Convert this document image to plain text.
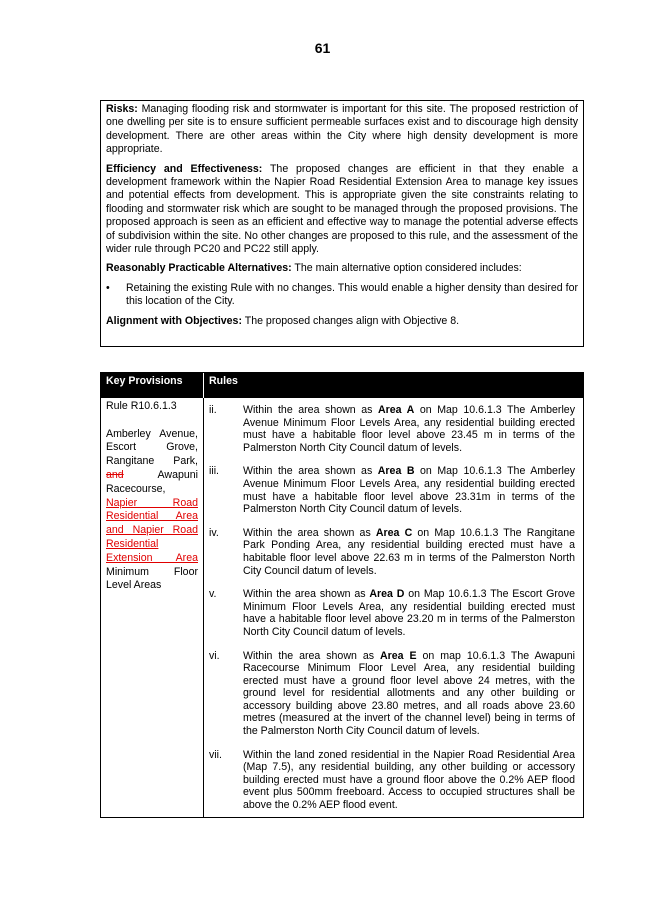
61

Risks: Managing flooding risk and stormwater is important for this site. The proposed restriction of one dwelling per site is to ensure sufficient permeable surfaces exist and to discourage high density development. There are other areas within the City where high density development is more appropriate.

Efficiency and Effectiveness: The proposed changes are efficient in that they enable a development framework within the Napier Road Residential Extension Area to manage key issues and potential effects from development. This is appropriate given the site constraints relating to flooding and stormwater risk which are sought to be managed through the proposed provisions. The proposed approach is seen as an efficient and effective way to manage the potential adverse effects of subdivision within the site. No other changes are proposed to this rule, and the assessment of the wider rule through PC20 and PC22 still apply.

Reasonably Practicable Alternatives: The main alternative option considered includes:

•	Retaining the existing Rule with no changes. This would enable a higher density than desired for this location of the City.

Alignment with Objectives: The proposed changes align with Objective 8.

Key Provisions	Rules
Rule R10.6.1.3
Amberley Avenue,
Escort Grove,
Rangitane Park,
and Awapuni
Racecourse,
Napier Road Residential Area and Napier Road Residential Extension Area Minimum Floor Level Areas
ii.	Within the area shown as Area A on Map 10.6.1.3 The Amberley Avenue Minimum Floor Levels Area, any residential building erected must have a habitable floor level above 23.45 m in terms of the Palmerston North City Council datum of levels.
iii.	Within the area shown as Area B on Map 10.6.1.3 The Amberley Avenue Minimum Floor Levels Area, any residential building erected must have a habitable floor level above 23.31m in terms of the Palmerston North City Council datum of levels.
iv.	Within the area shown as Area C on Map 10.6.1.3 The Rangitane Park Ponding Area, any residential building erected must have a habitable floor level above 22.63 m in terms of the Palmerston North City Council datum of levels.
v.	Within the area shown as Area D on Map 10.6.1.3 The Escort Grove Minimum Floor Levels Area, any residential building erected must have a habitable floor level above 23.20 m in terms of the Palmerston North City Council datum of levels.
vi.	Within the area shown as Area E on map 10.6.1.3 The Awapuni Racecourse Minimum Floor Level Area, any residential building erected must have a ground floor level above 24 metres, with the ground level for residential allotments and any other building or accessory building above 23.80 metres, and all roads above 23.60 metres (measured at the invert of the channel level) being in terms of the Palmerston North City Council datum of levels.
vii.	Within the land zoned residential in the Napier Road Residential Area (Map 7.5), any residential building, any other building or accessory building erected must have a ground floor above the 0.2% AEP flood event plus 500mm freeboard. Access to occupied structures shall be above the 0.2% AEP flood event.
